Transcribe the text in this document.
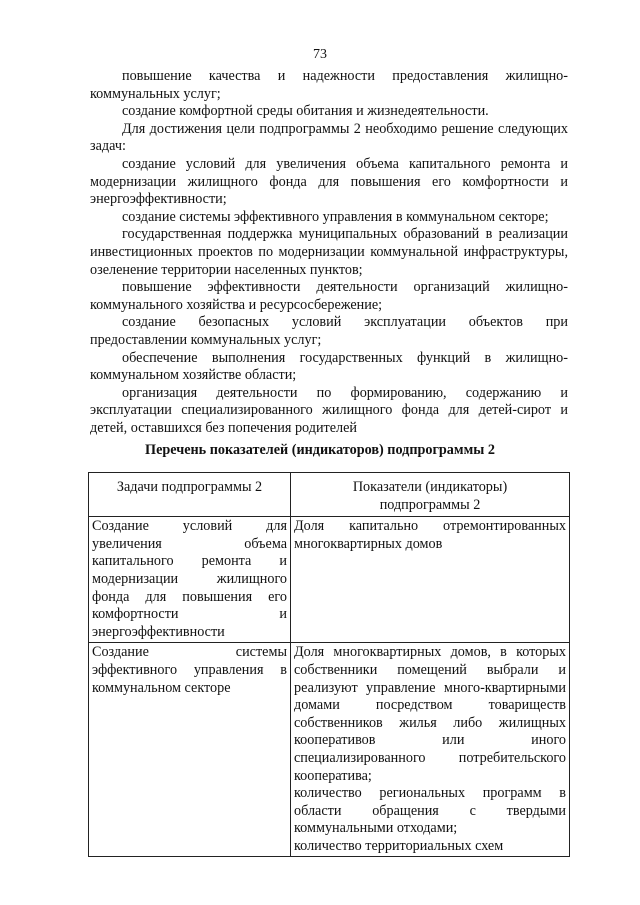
73

повышение качества и надежности предоставления жилищно-коммунальных услуг;

создание комфортной среды обитания и жизнедеятельности.

Для достижения цели подпрограммы 2 необходимо решение следующих задач:

создание условий для увеличения объема капитального ремонта и модернизации жилищного фонда для повышения его комфортности и энергоэффективности;

создание системы эффективного управления в коммунальном секторе;

государственная поддержка муниципальных образований в реализации инвестиционных проектов по модернизации коммунальной инфраструктуры, озеленение территории населенных пунктов;

повышение эффективности деятельности организаций жилищно-коммунального хозяйства и ресурсосбережение;

создание безопасных условий эксплуатации объектов при предоставлении коммунальных услуг;

обеспечение выполнения государственных функций в жилищно-коммунальном хозяйстве области;

организация деятельности по формированию, содержанию и эксплуатации специализированного жилищного фонда для детей-сирот и детей, оставшихся без попечения родителей

Перечень показателей (индикаторов) подпрограммы 2
Задачи подпрограммы 2	Показатели (индикаторы) подпрограммы 2
Создание условий для увеличения объема капитального ремонта и модернизации жилищного фонда для повышения его комфортности и энергоэффективности	Доля капитально отремонтированных многоквартирных домов

Создание системы эффективного управления в коммунальном секторе	Доля многоквартирных домов, в которых собственники помещений выбрали и реализуют управление много-квартирными домами посредством товариществ собственников жилья либо жилищных кооперативов или иного специализированного потребительского кооператива;
количество региональных программ в области обращения с твердыми коммунальными отходами;
количество территориальных схем
